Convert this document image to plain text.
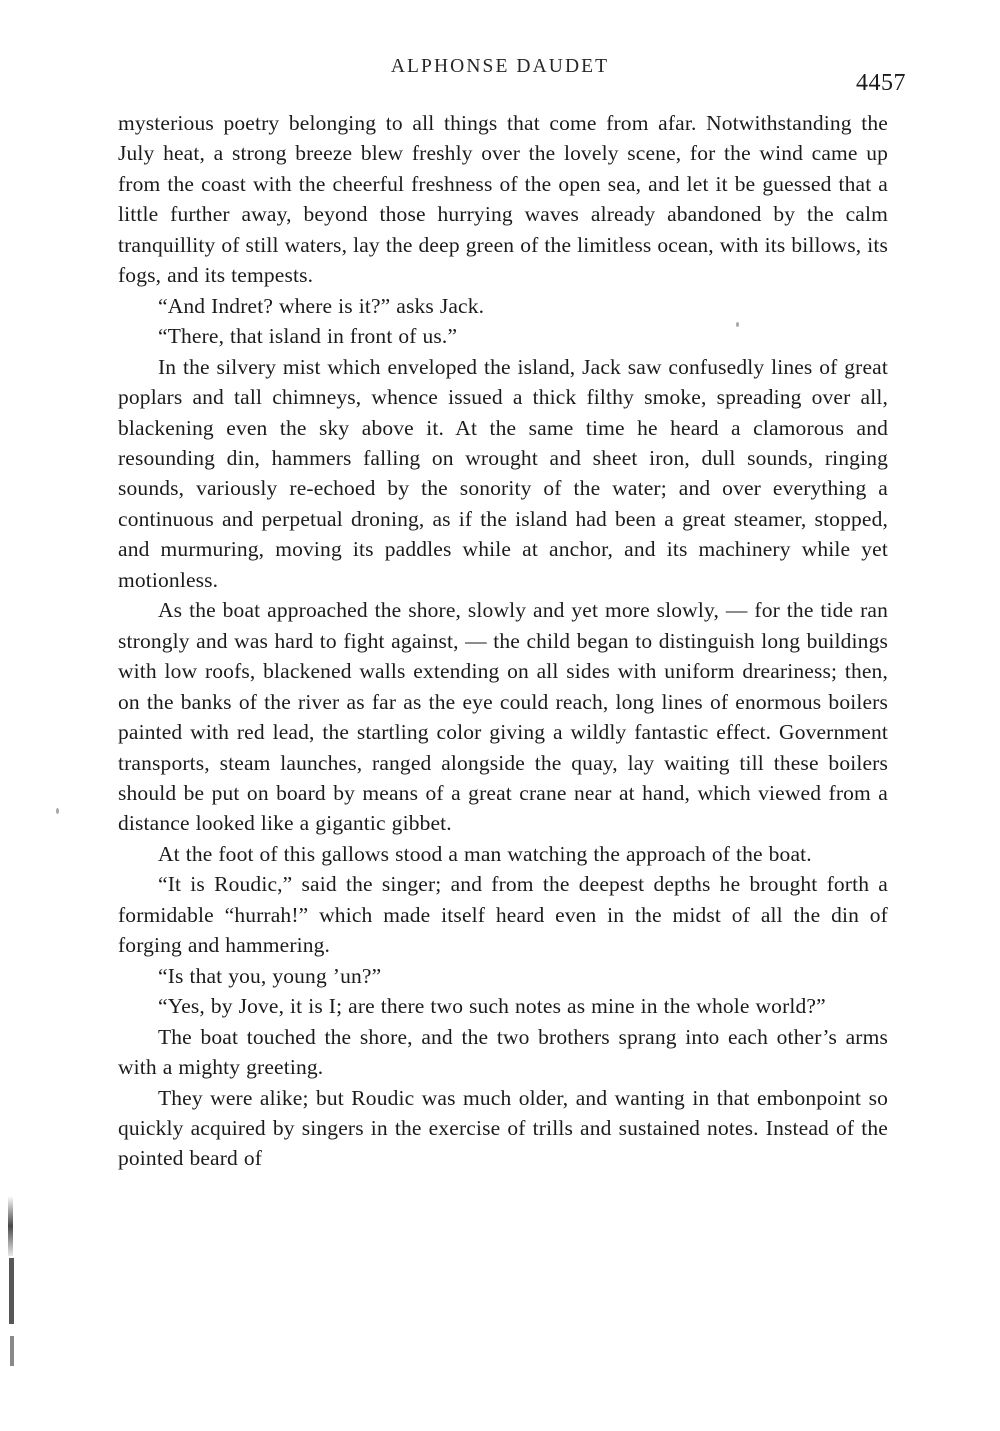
ALPHONSE DAUDET
4457

mysterious poetry belonging to all things that come from afar. Notwithstanding the July heat, a strong breeze blew freshly over the lovely scene, for the wind came up from the coast with the cheerful freshness of the open sea, and let it be guessed that a little further away, beyond those hurrying waves already abandoned by the calm tranquillity of still waters, lay the deep green of the limitless ocean, with its billows, its fogs, and its tempests.

“And Indret? where is it?” asks Jack.

“There, that island in front of us.”

In the silvery mist which enveloped the island, Jack saw confusedly lines of great poplars and tall chimneys, whence issued a thick filthy smoke, spreading over all, blackening even the sky above it. At the same time he heard a clamorous and resounding din, hammers falling on wrought and sheet iron, dull sounds, ringing sounds, variously re-echoed by the sonority of the water; and over everything a continuous and perpetual droning, as if the island had been a great steamer, stopped, and murmuring, moving its paddles while at anchor, and its machinery while yet motionless.

As the boat approached the shore, slowly and yet more slowly, — for the tide ran strongly and was hard to fight against, — the child began to distinguish long buildings with low roofs, blackened walls extending on all sides with uniform dreariness; then, on the banks of the river as far as the eye could reach, long lines of enormous boilers painted with red lead, the startling color giving a wildly fantastic effect. Government transports, steam launches, ranged alongside the quay, lay waiting till these boilers should be put on board by means of a great crane near at hand, which viewed from a distance looked like a gigantic gibbet.

At the foot of this gallows stood a man watching the approach of the boat.

“It is Roudic,” said the singer; and from the deepest depths he brought forth a formidable “hurrah!” which made itself heard even in the midst of all the din of forging and hammering.

“Is that you, young ’un?”

“Yes, by Jove, it is I; are there two such notes as mine in the whole world?”

The boat touched the shore, and the two brothers sprang into each other’s arms with a mighty greeting.

They were alike; but Roudic was much older, and wanting in that embonpoint so quickly acquired by singers in the exercise of trills and sustained notes. Instead of the pointed beard of
